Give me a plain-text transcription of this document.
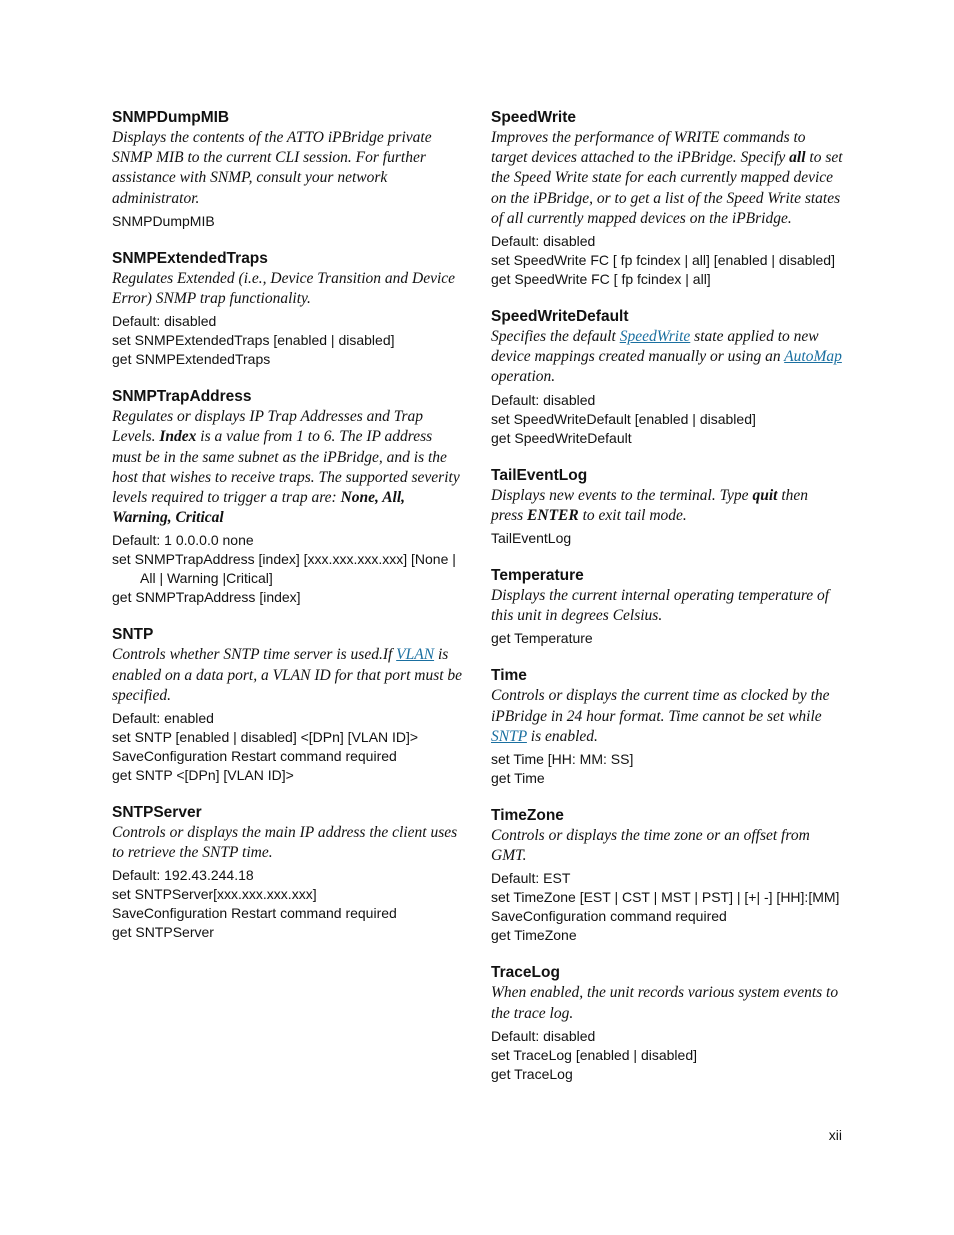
SNMPDumpMIB
Displays the contents of the ATTO iPBridge private SNMP MIB to the current CLI session. For further assistance with SNMP, consult your network administrator.
SNMPDumpMIB
SNMPExtendedTraps
Regulates Extended (i.e., Device Transition and Device Error) SNMP trap functionality.
Default: disabled
set SNMPExtendedTraps [enabled | disabled]
get SNMPExtendedTraps
SNMPTrapAddress
Regulates or displays IP Trap Addresses and Trap Levels. Index is a value from 1 to 6. The IP address must be in the same subnet as the iPBridge, and is the host that wishes to receive traps. The supported severity levels required to trigger a trap are: None, All, Warning, Critical
Default: 1 0.0.0.0 none
set SNMPTrapAddress [index] [xxx.xxx.xxx.xxx] [None | All | Warning |Critical]
get SNMPTrapAddress [index]
SNTP
Controls whether SNTP time server is used.If VLAN is enabled on a data port, a VLAN ID for that port must be specified.
Default: enabled
set SNTP [enabled | disabled] <[DPn] [VLAN ID]>
SaveConfiguration Restart command required
get SNTP <[DPn] [VLAN ID]>
SNTPServer
Controls or displays the main IP address the client uses to retrieve the SNTP time.
Default: 192.43.244.18
set SNTPServer[xxx.xxx.xxx.xxx]
SaveConfiguration Restart command required
get SNTPServer
SpeedWrite
Improves the performance of WRITE commands to target devices attached to the iPBridge. Specify all to set the Speed Write state for each currently mapped device on the iPBridge, or to get a list of the Speed Write states of all currently mapped devices on the iPBridge.
Default: disabled
set SpeedWrite FC [ fp fcindex | all] [enabled | disabled]
get SpeedWrite FC [ fp fcindex | all]
SpeedWriteDefault
Specifies the default SpeedWrite state applied to new device mappings created manually or using an AutoMap operation.
Default: disabled
set SpeedWriteDefault [enabled | disabled]
get SpeedWriteDefault
TailEventLog
Displays new events to the terminal. Type quit then press ENTER to exit tail mode.
TailEventLog
Temperature
Displays the current internal operating temperature of this unit in degrees Celsius.
get Temperature
Time
Controls or displays the current time as clocked by the iPBridge in 24 hour format. Time cannot be set while SNTP is enabled.
set Time [HH: MM: SS]
get Time
TimeZone
Controls or displays the time zone or an offset from GMT.
Default: EST
set TimeZone [EST | CST | MST | PST] | [+| -] [HH]:[MM]
SaveConfiguration command required
get TimeZone
TraceLog
When enabled, the unit records various system events to the trace log.
Default: disabled
set TraceLog [enabled | disabled]
get TraceLog
xii
